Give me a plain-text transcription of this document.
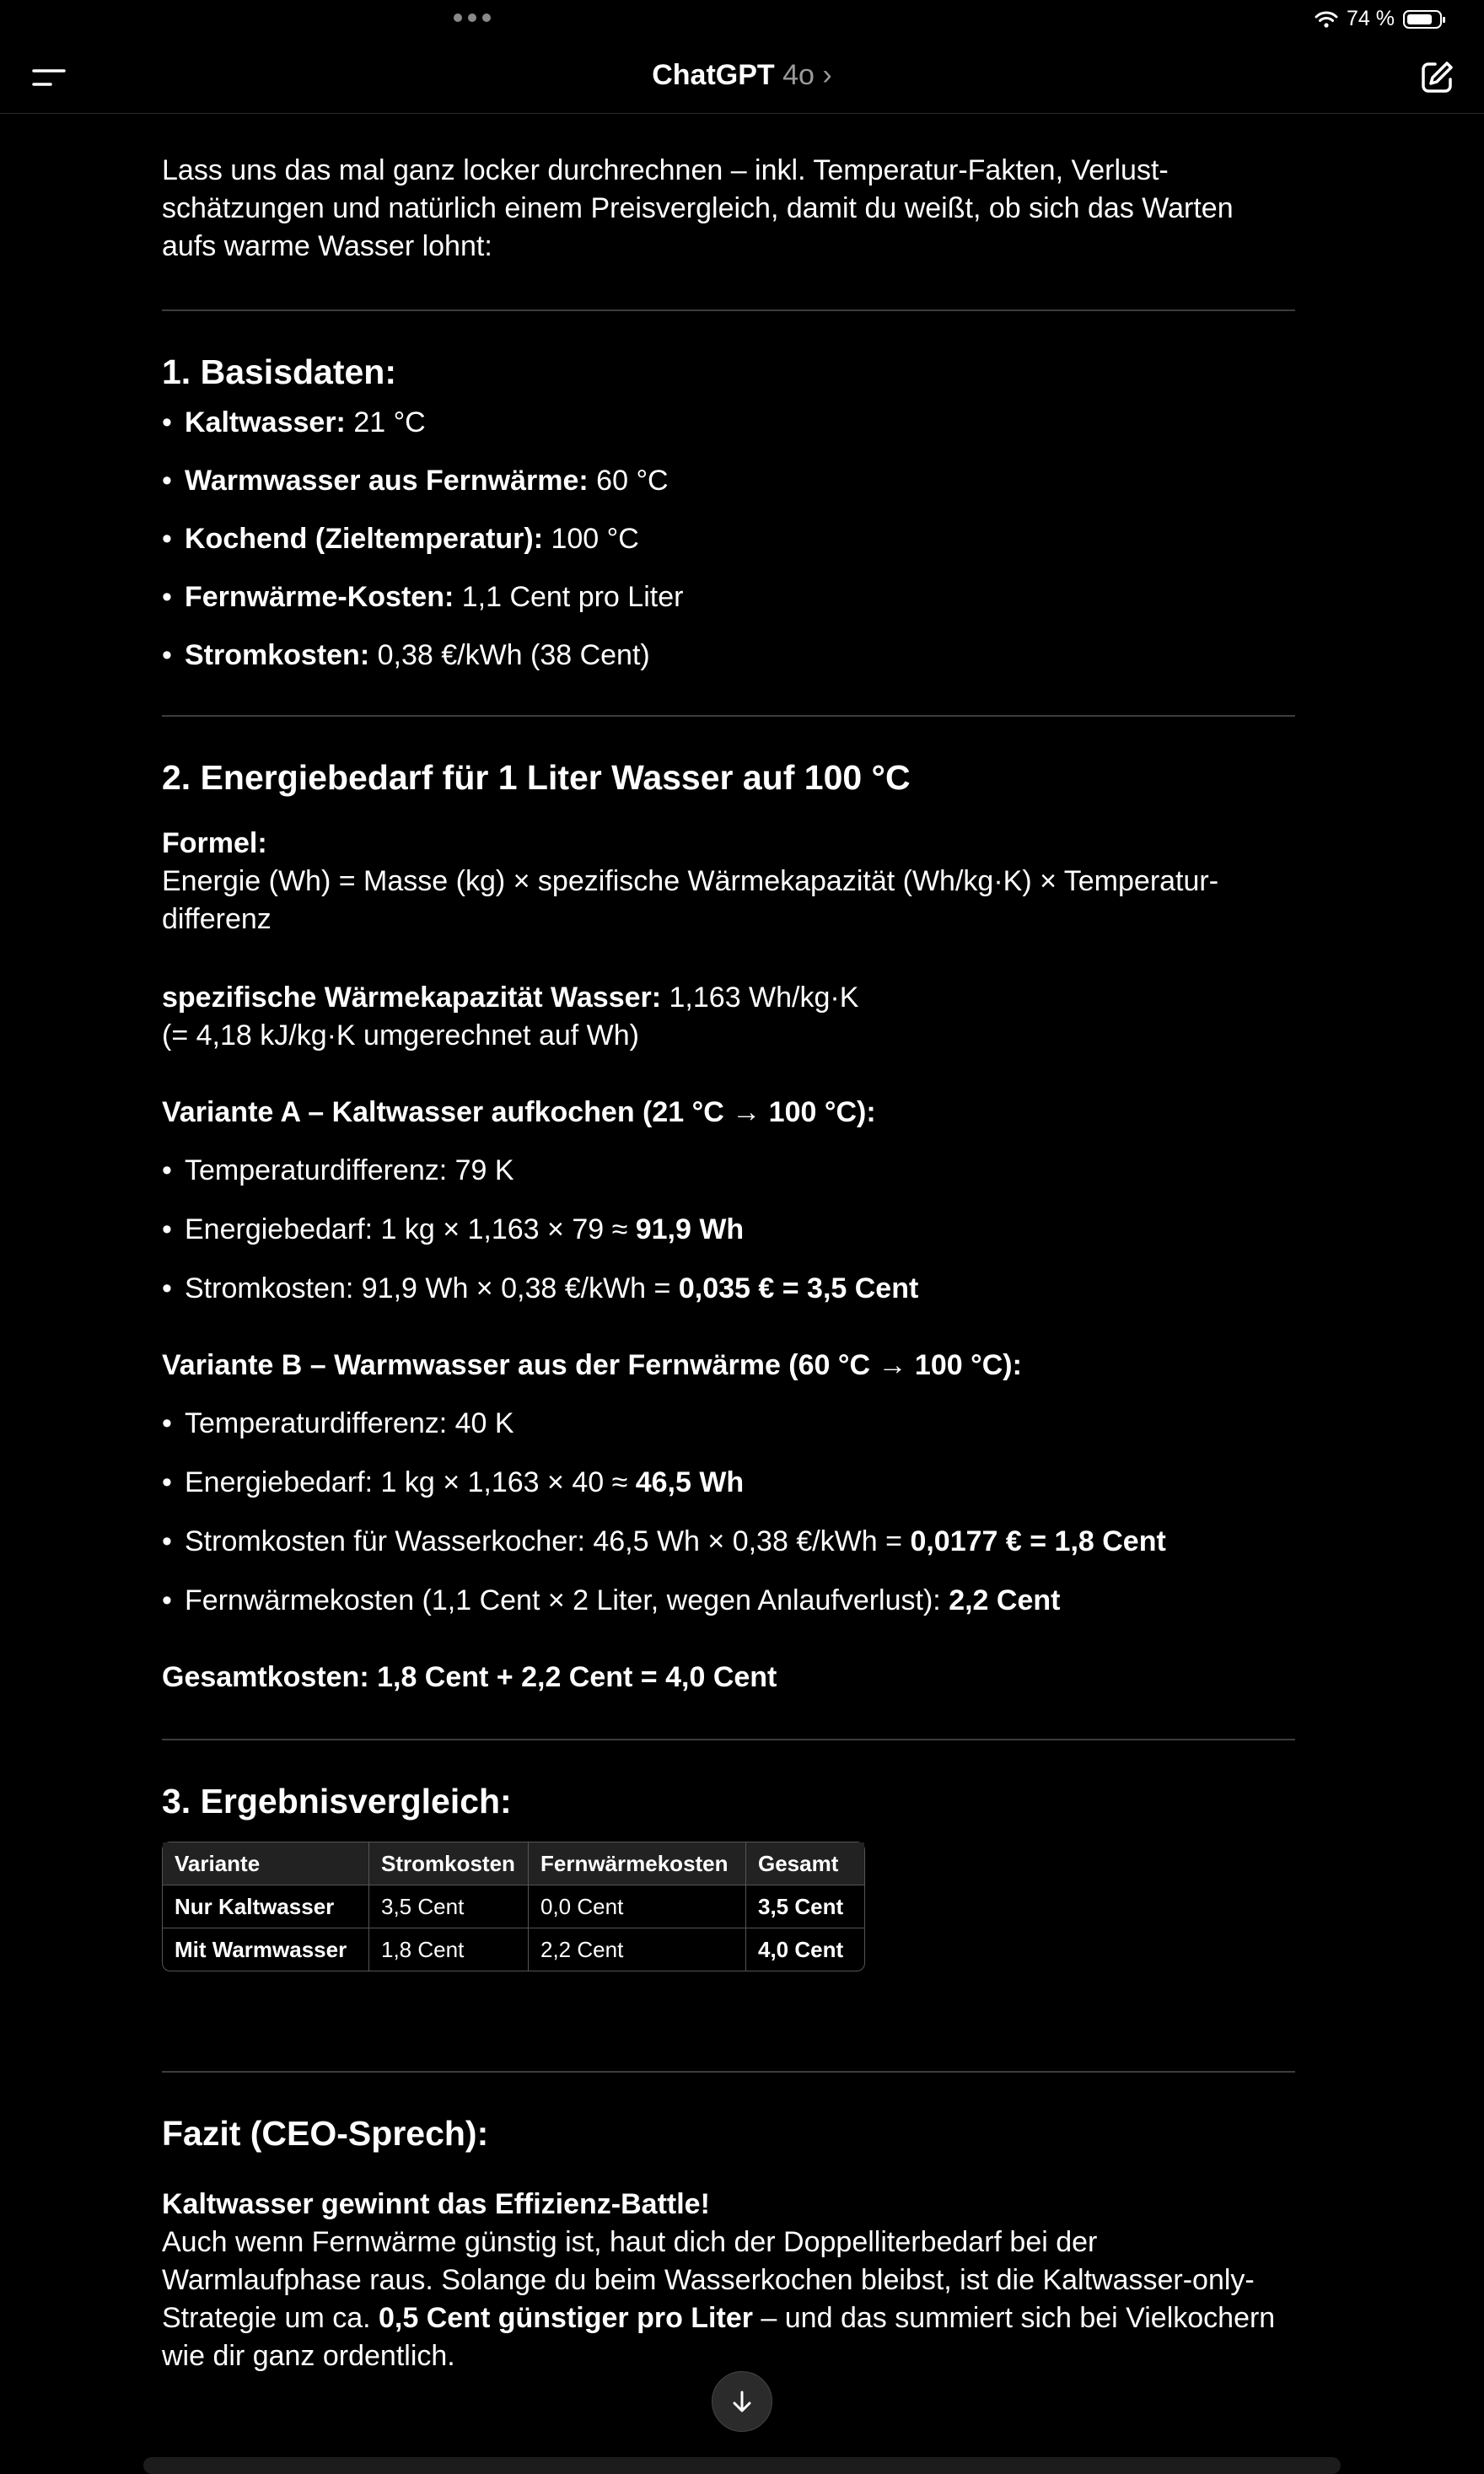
74 %
ChatGPT 4o ›

Lass uns das mal ganz locker durchrechnen – inkl. Temperatur-Fakten, Verlustschätzungen und natürlich einem Preisvergleich, damit du weißt, ob sich das Warten aufs warme Wasser lohnt:

1. Basisdaten:

• Kaltwasser: 21 °C

• Warmwasser aus Fernwärme: 60 °C

• Kochend (Zieltemperatur): 100 °C

• Fernwärme-Kosten: 1,1 Cent pro Liter

• Stromkosten: 0,38 €/kWh (38 Cent)

2. Energiebedarf für 1 Liter Wasser auf 100 °C

Formel:

Energie (Wh) = Masse (kg) × spezifische Wärmekapazität (Wh/kg·K) × Temperaturdifferenz

spezifische Wärmekapazität Wasser: 1,163 Wh/kg·K

(= 4,18 kJ/kg·K umgerechnet auf Wh)

Variante A – Kaltwasser aufkochen (21 °C → 100 °C):

• Temperaturdifferenz: 79 K

• Energiebedarf: 1 kg × 1,163 × 79 ≈ 91,9 Wh

• Stromkosten: 91,9 Wh × 0,38 €/kWh = 0,035 € = 3,5 Cent

Variante B – Warmwasser aus der Fernwärme (60 °C → 100 °C):

• Temperaturdifferenz: 40 K

• Energiebedarf: 1 kg × 1,163 × 40 ≈ 46,5 Wh

• Stromkosten für Wasserkocher: 46,5 Wh × 0,38 €/kWh = 0,0177 € = 1,8 Cent

• Fernwärmekosten (1,1 Cent × 2 Liter, wegen Anlaufverlust): 2,2 Cent

Gesamtkosten: 1,8 Cent + 2,2 Cent = 4,0 Cent

3. Ergebnisvergleich:
Variante	Stromkosten	Fernwärmekosten	Gesamt
Nur Kaltwasser	3,5 Cent	0,0 Cent	3,5 Cent
Mit Warmwasser	1,8 Cent	2,2 Cent	4,0 Cent
Fazit (CEO-Sprech):

Kaltwasser gewinnt das Effizienz-Battle!

Auch wenn Fernwärme günstig ist, haut dich der Doppelliterbedarf bei der Warmlaufphase raus. Solange du beim Wasserkochen bleibst, ist die Kaltwasser-only-Strategie um ca. 0,5 Cent günstiger pro Liter – und das summiert sich bei Vielkochern wie dir ganz ordentlich.
